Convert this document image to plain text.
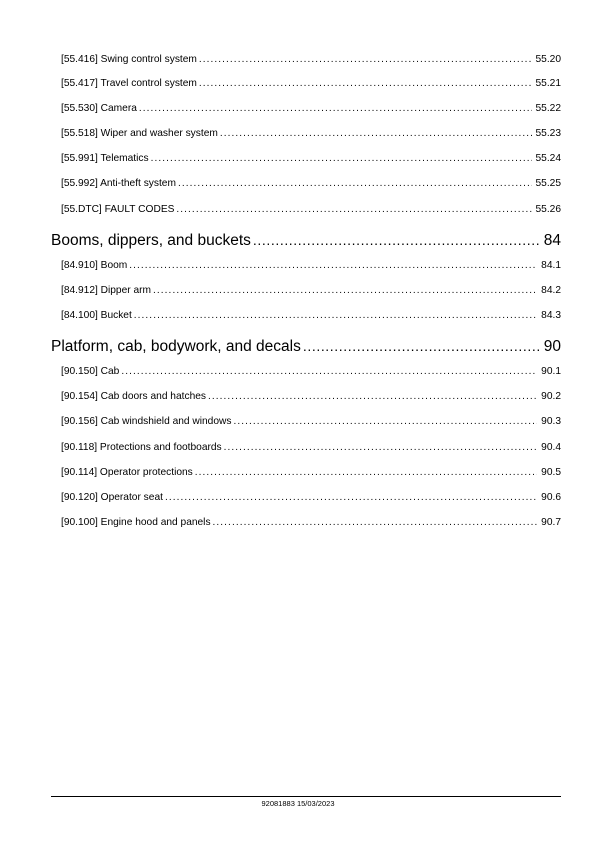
[55.416] Swing control system .....	55.20
[55.417] Travel control system .....	55.21
[55.530] Camera .....	55.22
[55.518] Wiper and washer system .....	55.23
[55.991] Telematics .....	55.24
[55.992] Anti-theft system .....	55.25
[55.DTC] FAULT CODES .....	55.26
Booms, dippers, and buckets .....	84
[84.910] Boom .....	84.1
[84.912] Dipper arm .....	84.2
[84.100] Bucket .....	84.3
Platform, cab, bodywork, and decals .....	90
[90.150] Cab .....	90.1
[90.154] Cab doors and hatches .....	90.2
[90.156] Cab windshield and windows .....	90.3
[90.118] Protections and footboards .....	90.4
[90.114] Operator protections .....	90.5
[90.120] Operator seat .....	90.6
[90.100] Engine hood and panels .....	90.7
92081883 15/03/2023
